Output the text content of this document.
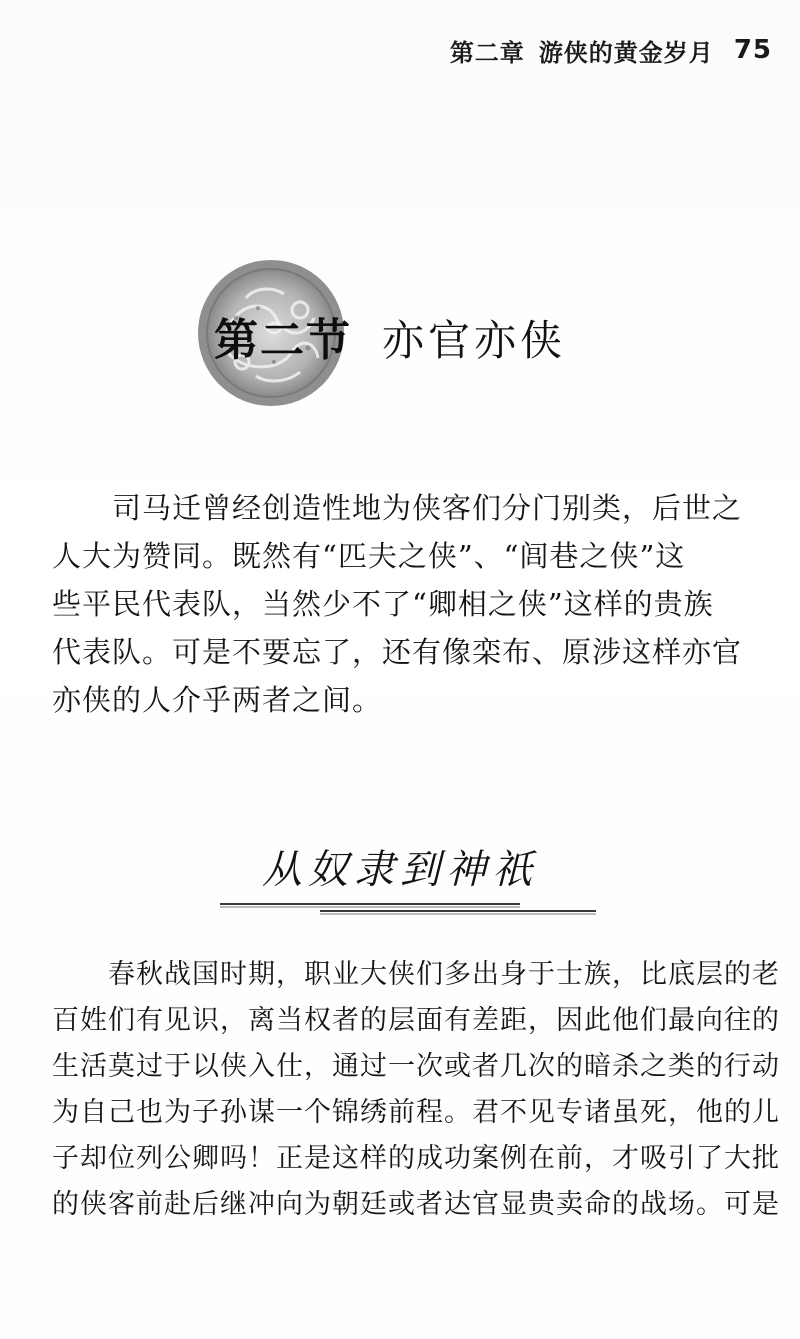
第二章 游侠的黄金岁月 75
第二节 亦官亦侠
　　司马迁曾经创造性地为侠客们分门别类，后世之
人大为赞同。既然有“匹夫之侠”、“闾巷之侠”这
些平民代表队，当然少不了“卿相之侠”这样的贵族
代表队。可是不要忘了，还有像栾布、原涉这样亦官
亦侠的人介乎两者之间。
从奴隶到神祇
　　春秋战国时期，职业大侠们多出身于士族，比底层的老
百姓们有见识，离当权者的层面有差距，因此他们最向往的
生活莫过于以侠入仕，通过一次或者几次的暗杀之类的行动
为自己也为子孙谋一个锦绣前程。君不见专诸虽死，他的儿
子却位列公卿吗！正是这样的成功案例在前，才吸引了大批
的侠客前赴后继冲向为朝廷或者达官显贵卖命的战场。可是
